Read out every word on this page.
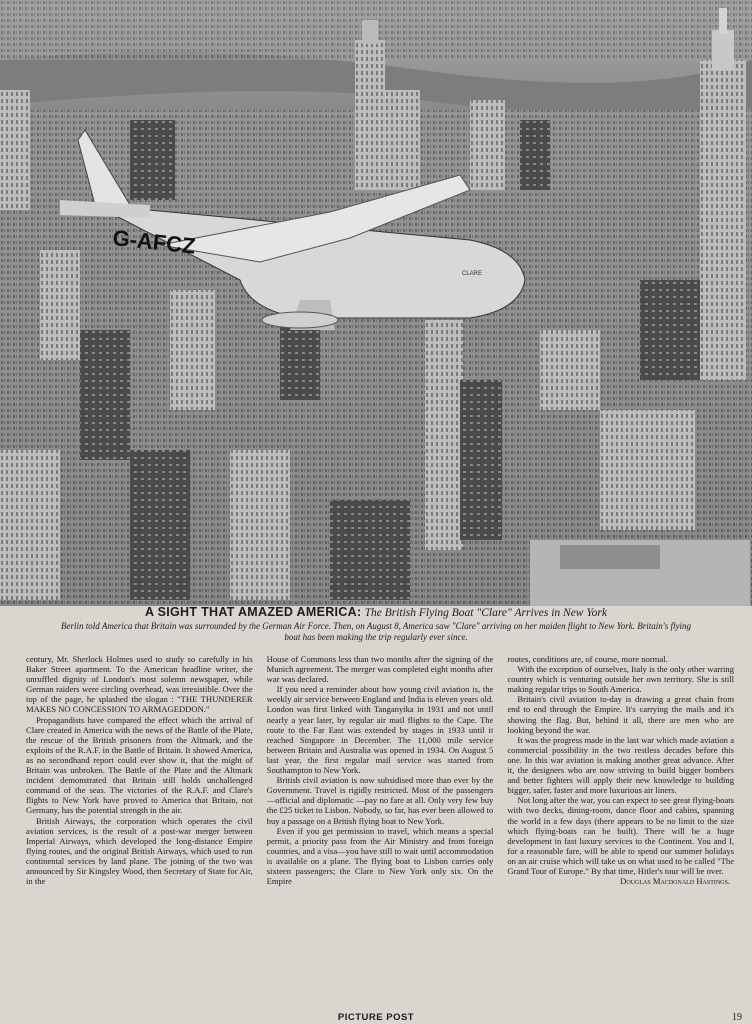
G-AFCZ
CLARE
A SIGHT THAT AMAZED AMERICA: The British Flying Boat "Clare" Arrives in New York
Berlin told America that Britain was surrounded by the German Air Force. Then, on August 8, America saw "Clare" arriving on her maiden flight to New York. Britain's flying boat has been making the trip regularly ever since.

century, Mr. Sherlock Holmes used to study so carefully in his Baker Street apartment. To the American headline writer, the unruffled dignity of London's most solemn newspaper, while German raiders were circling overhead, was irresistible. Over the top of the page, he splashed the slogan : "THE THUNDERER MAKES NO CONCESSION TO ARMAGEDDON."

Propagandists have compared the effect which the arrival of Clare created in America with the news of the Battle of the Plate, the rescue of the British prisoners from the Altmark, and the exploits of the R.A.F. in the Battle of Britain. It showed America, as no secondhand report could ever show it, that the might of Britain was unbroken. The Battle of the Plate and the Altmark incident demonstrated that Britain still holds unchallenged command of the seas. The victories of the R.A.F. and Clare's flights to New York have proved to America that Britain, not Germany, has the potential strength in the air.

British Airways, the corporation which operates the civil aviation services, is the result of a post-war merger between Imperial Airways, which developed the long-distance Empire flying routes, and the original British Airways, which used to run continental services by land plane. The joining of the two was announced by Sir Kingsley Wood, then Secretary of State for Air, in the

House of Commons less than two months after the signing of the Munich agreement. The merger was completed eight months after war was declared.

If you need a reminder about how young civil aviation is, the weekly air service between England and India is eleven years old. London was first linked with Tanganyika in 1931 and not until nearly a year later, by regular air mail flights to the Cape. The route to the Far East was extended by stages in 1933 until it reached Singapore in December. The 11,000 mile service between Britain and Australia was opened in 1934. On August 5 last year, the first regular mail service was started from Southampton to New York.

British civil aviation is now subsidised more than ever by the Government. Travel is rigidly restricted. Most of the passengers—official and diplomatic —pay no fare at all. Only very few buy the £25 ticket to Lisbon. Nobody, so far, has ever been allowed to buy a passage on a British flying boat to New York.

Even if you get permission to travel, which means a special permit, a priority pass from the Air Ministry and from foreign countries, and a visa—you have still to wait until accommodation is available on a plane. The flying boat to Lisbon carries only sixteen passengers; the Clare to New York only six. On the Empire

routes, conditions are, of course, more normal.

With the exception of ourselves, Italy is the only other warring country which is venturing outside her own territory. She is still making regular trips to South America.

Britain's civil aviation to-day is drawing a great chain from end to end through the Empire. It's carrying the mails and it's showing the flag. But, behind it all, there are men who are looking beyond the war.

It was the progress made in the last war which made aviation a commercial possibility in the two restless decades before this one. In this war aviation is making another great advance. After it, the designers who are now striving to build bigger bombers and better fighters will apply their new knowledge to building bigger, safer, faster and more luxurious air liners.

Not long after the war, you can expect to see great flying-boats with two decks, dining-room, dance floor and cabins, spanning the world in a few days (there appears to be no limit to the size which flying-boats can be built). There will be a huge development in fast luxury services to the Continent. You and I, for a reasonable fare, will be able to spend our summer holidays on an air cruise which will take us on what used to be called "The Grand Tour of Europe." By that time, Hitler's tour will be over.

Douglas Macdonald Hastings.

PICTURE POST	19
